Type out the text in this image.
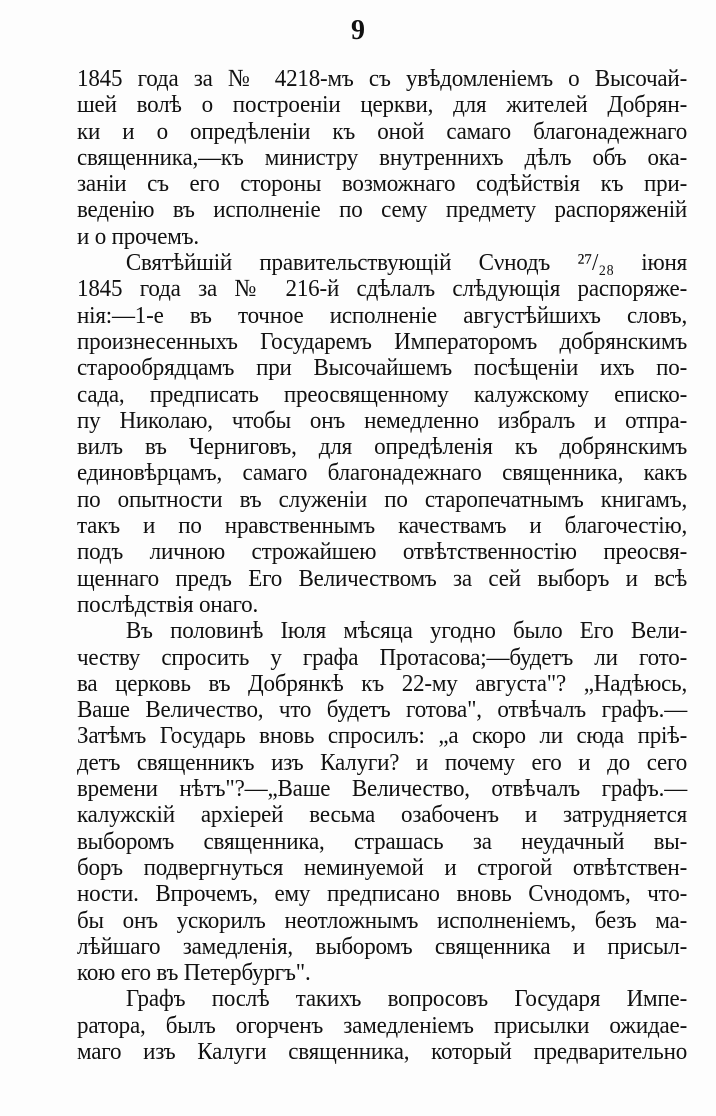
9
1845 года за № 4218-мъ съ увѣдомленіемъ о Высочай-
шей волѣ о построеніи церкви, для жителей Добрян-
ки и о опредѣленіи къ оной самаго благонадежнаго
священника,—къ министру внутреннихъ дѣлъ объ ока-
заніи съ его стороны возможнаго содѣйствія къ при-
веденію въ исполненіе по сему предмету распоряженій
и о прочемъ.
Святѣйшій правительствующій Сνнодъ ²⁷/₂₈ іюня
1845 года за № 216-й сдѣлалъ слѣдующія распоряже-
нія:—1-е въ точное исполненіе августѣйшихъ словъ,
произнесенныхъ Государемъ Императоромъ добрянскимъ
старообрядцамъ при Высочайшемъ посѣщеніи ихъ по-
сада, предписать преосвященному калужскому еписко-
пу Николаю, чтобы онъ немедленно избралъ и отпра-
вилъ въ Черниговъ, для опредѣленія къ добрянскимъ
единовѣрцамъ, самаго благонадежнаго священника, какъ
по опытности въ служеніи по старопечатнымъ книгамъ,
такъ и по нравственнымъ качествамъ и благочестію,
подъ личною строжайшею отвѣтственностію преосвя-
щеннаго предъ Его Величествомъ за сей выборъ и всѣ
послѣдствія онаго.
Въ половинѣ Іюля мѣсяца угодно было Его Вели-
честву спросить у графа Протасова;—будетъ ли гото-
ва церковь въ Добрянкѣ къ 22-му августа"? „Надѣюсь,
Ваше Величество, что будетъ готова", отвѣчалъ графъ.—
Затѣмъ Государь вновь спросилъ: „а скоро ли сюда пріѣ-
детъ священникъ изъ Калуги? и почему его и до сего
времени нѣтъ"?—„Ваше Величество, отвѣчалъ графъ.—
калужскій архіерей весьма озабоченъ и затрудняется
выборомъ священника, страшась за неудачный вы-
боръ подвергнуться неминуемой и строгой отвѣтствен-
ности. Впрочемъ, ему предписано вновь Сνнодомъ, что-
бы онъ ускорилъ неотложнымъ исполненіемъ, безъ ма-
лѣйшаго замедленія, выборомъ священника и присыл-
кою его въ Петербургъ".
Графъ послѣ такихъ вопросовъ Государя Импе-
ратора, былъ огорченъ замедленіемъ присылки ожидае-
маго изъ Калуги священника, который предварительно
